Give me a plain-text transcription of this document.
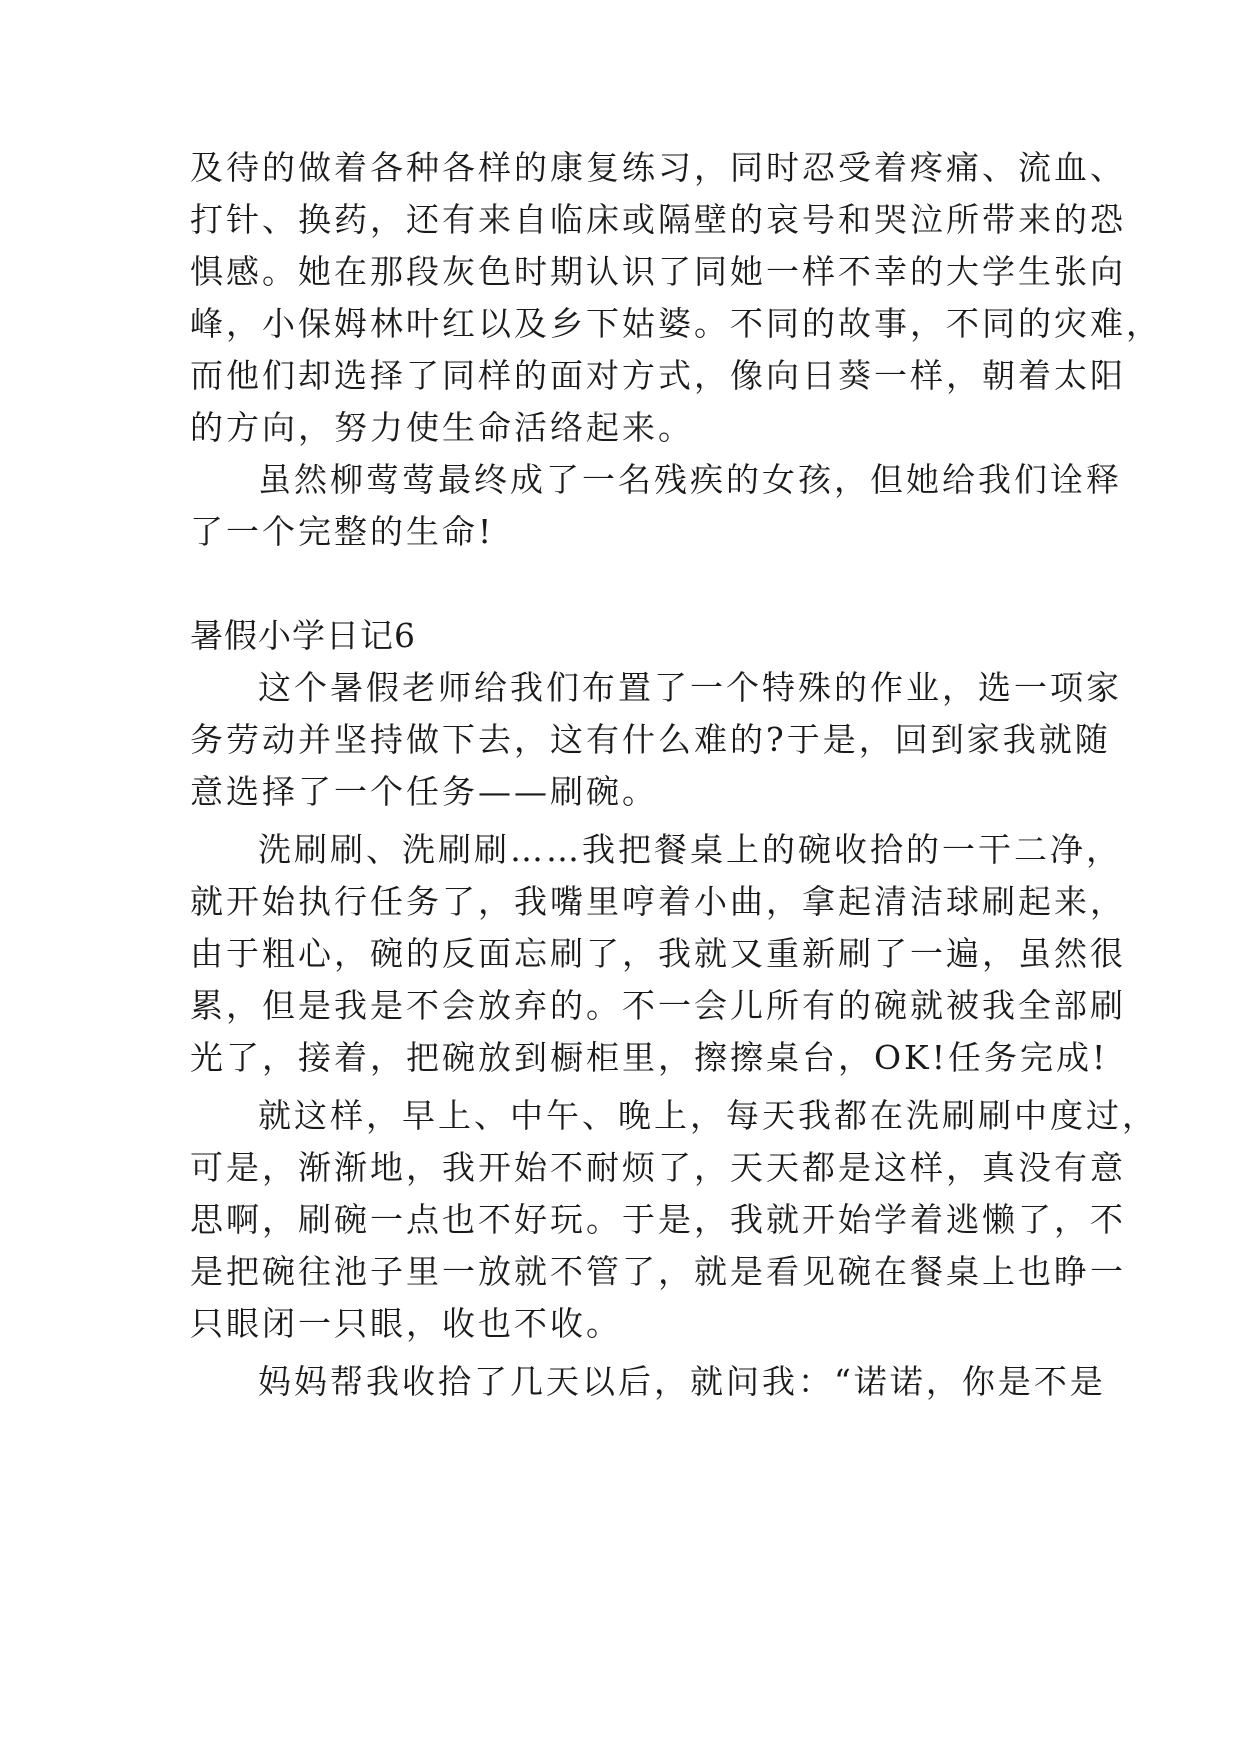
及待的做着各种各样的康复练习，同时忍受着疼痛、流血、
打针、换药，还有来自临床或隔壁的哀号和哭泣所带来的恐
惧感。她在那段灰色时期认识了同她一样不幸的大学生张向
峰，小保姆林叶红以及乡下姑婆。不同的故事，不同的灾难，
而他们却选择了同样的面对方式，像向日葵一样，朝着太阳
的方向，努力使生命活络起来。
虽然柳莺莺最终成了一名残疾的女孩，但她给我们诠释
了一个完整的生命!
暑假小学日记6
这个暑假老师给我们布置了一个特殊的作业，选一项家
务劳动并坚持做下去，这有什么难的?于是，回到家我就随
意选择了一个任务——刷碗。
洗刷刷、洗刷刷……我把餐桌上的碗收拾的一干二净，
就开始执行任务了，我嘴里哼着小曲，拿起清洁球刷起来，
由于粗心，碗的反面忘刷了，我就又重新刷了一遍，虽然很
累，但是我是不会放弃的。不一会儿所有的碗就被我全部刷
光了，接着，把碗放到橱柜里，擦擦桌台，OK!任务完成!
就这样，早上、中午、晚上，每天我都在洗刷刷中度过，
可是，渐渐地，我开始不耐烦了，天天都是这样，真没有意
思啊，刷碗一点也不好玩。于是，我就开始学着逃懒了，不
是把碗往池子里一放就不管了，就是看见碗在餐桌上也睁一
只眼闭一只眼，收也不收。
妈妈帮我收拾了几天以后，就问我：“诺诺，你是不是
